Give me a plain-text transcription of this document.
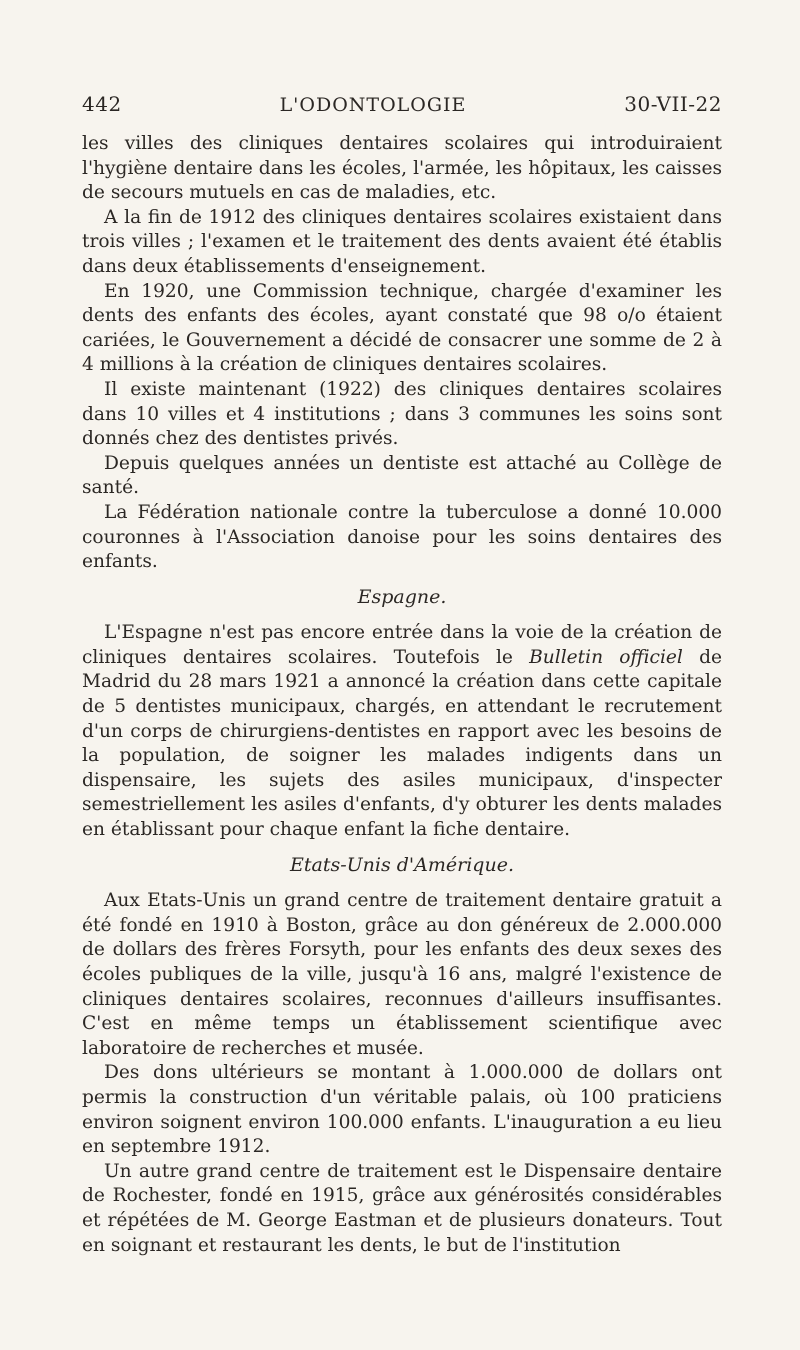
442	L'ODONTOLOGIE	30-VII-22

les villes des cliniques dentaires scolaires qui introduiraient l'hygiène dentaire dans les écoles, l'armée, les hôpitaux, les caisses de secours mutuels en cas de maladies, etc.

A la fin de 1912 des cliniques dentaires scolaires existaient dans trois villes ; l'examen et le traitement des dents avaient été établis dans deux établissements d'enseignement.

En 1920, une Commission technique, chargée d'examiner les dents des enfants des écoles, ayant constaté que 98 o/o étaient cariées, le Gouvernement a décidé de consacrer une somme de 2 à 4 millions à la création de cliniques dentaires scolaires.

Il existe maintenant (1922) des cliniques dentaires scolaires dans 10 villes et 4 institutions ; dans 3 communes les soins sont donnés chez des dentistes privés.

Depuis quelques années un dentiste est attaché au Collège de santé.

La Fédération nationale contre la tuberculose a donné 10.000 couronnes à l'Association danoise pour les soins dentaires des enfants.

Espagne.

L'Espagne n'est pas encore entrée dans la voie de la création de cliniques dentaires scolaires. Toutefois le Bulletin officiel de Madrid du 28 mars 1921 a annoncé la création dans cette capitale de 5 dentistes municipaux, chargés, en attendant le recrutement d'un corps de chirurgiens-dentistes en rapport avec les besoins de la population, de soigner les malades indigents dans un dispensaire, les sujets des asiles municipaux, d'inspecter semestriellement les asiles d'enfants, d'y obturer les dents malades en établissant pour chaque enfant la fiche dentaire.

Etats-Unis d'Amérique.

Aux Etats-Unis un grand centre de traitement dentaire gratuit a été fondé en 1910 à Boston, grâce au don généreux de 2.000.000 de dollars des frères Forsyth, pour les enfants des deux sexes des écoles publiques de la ville, jusqu'à 16 ans, malgré l'existence de cliniques dentaires scolaires, reconnues d'ailleurs insuffisantes. C'est en même temps un établissement scientifique avec laboratoire de recherches et musée.

Des dons ultérieurs se montant à 1.000.000 de dollars ont permis la construction d'un véritable palais, où 100 praticiens environ soignent environ 100.000 enfants. L'inauguration a eu lieu en septembre 1912.

Un autre grand centre de traitement est le Dispensaire dentaire de Rochester, fondé en 1915, grâce aux générosités considérables et répétées de M. George Eastman et de plusieurs donateurs. Tout en soignant et restaurant les dents, le but de l'institution
